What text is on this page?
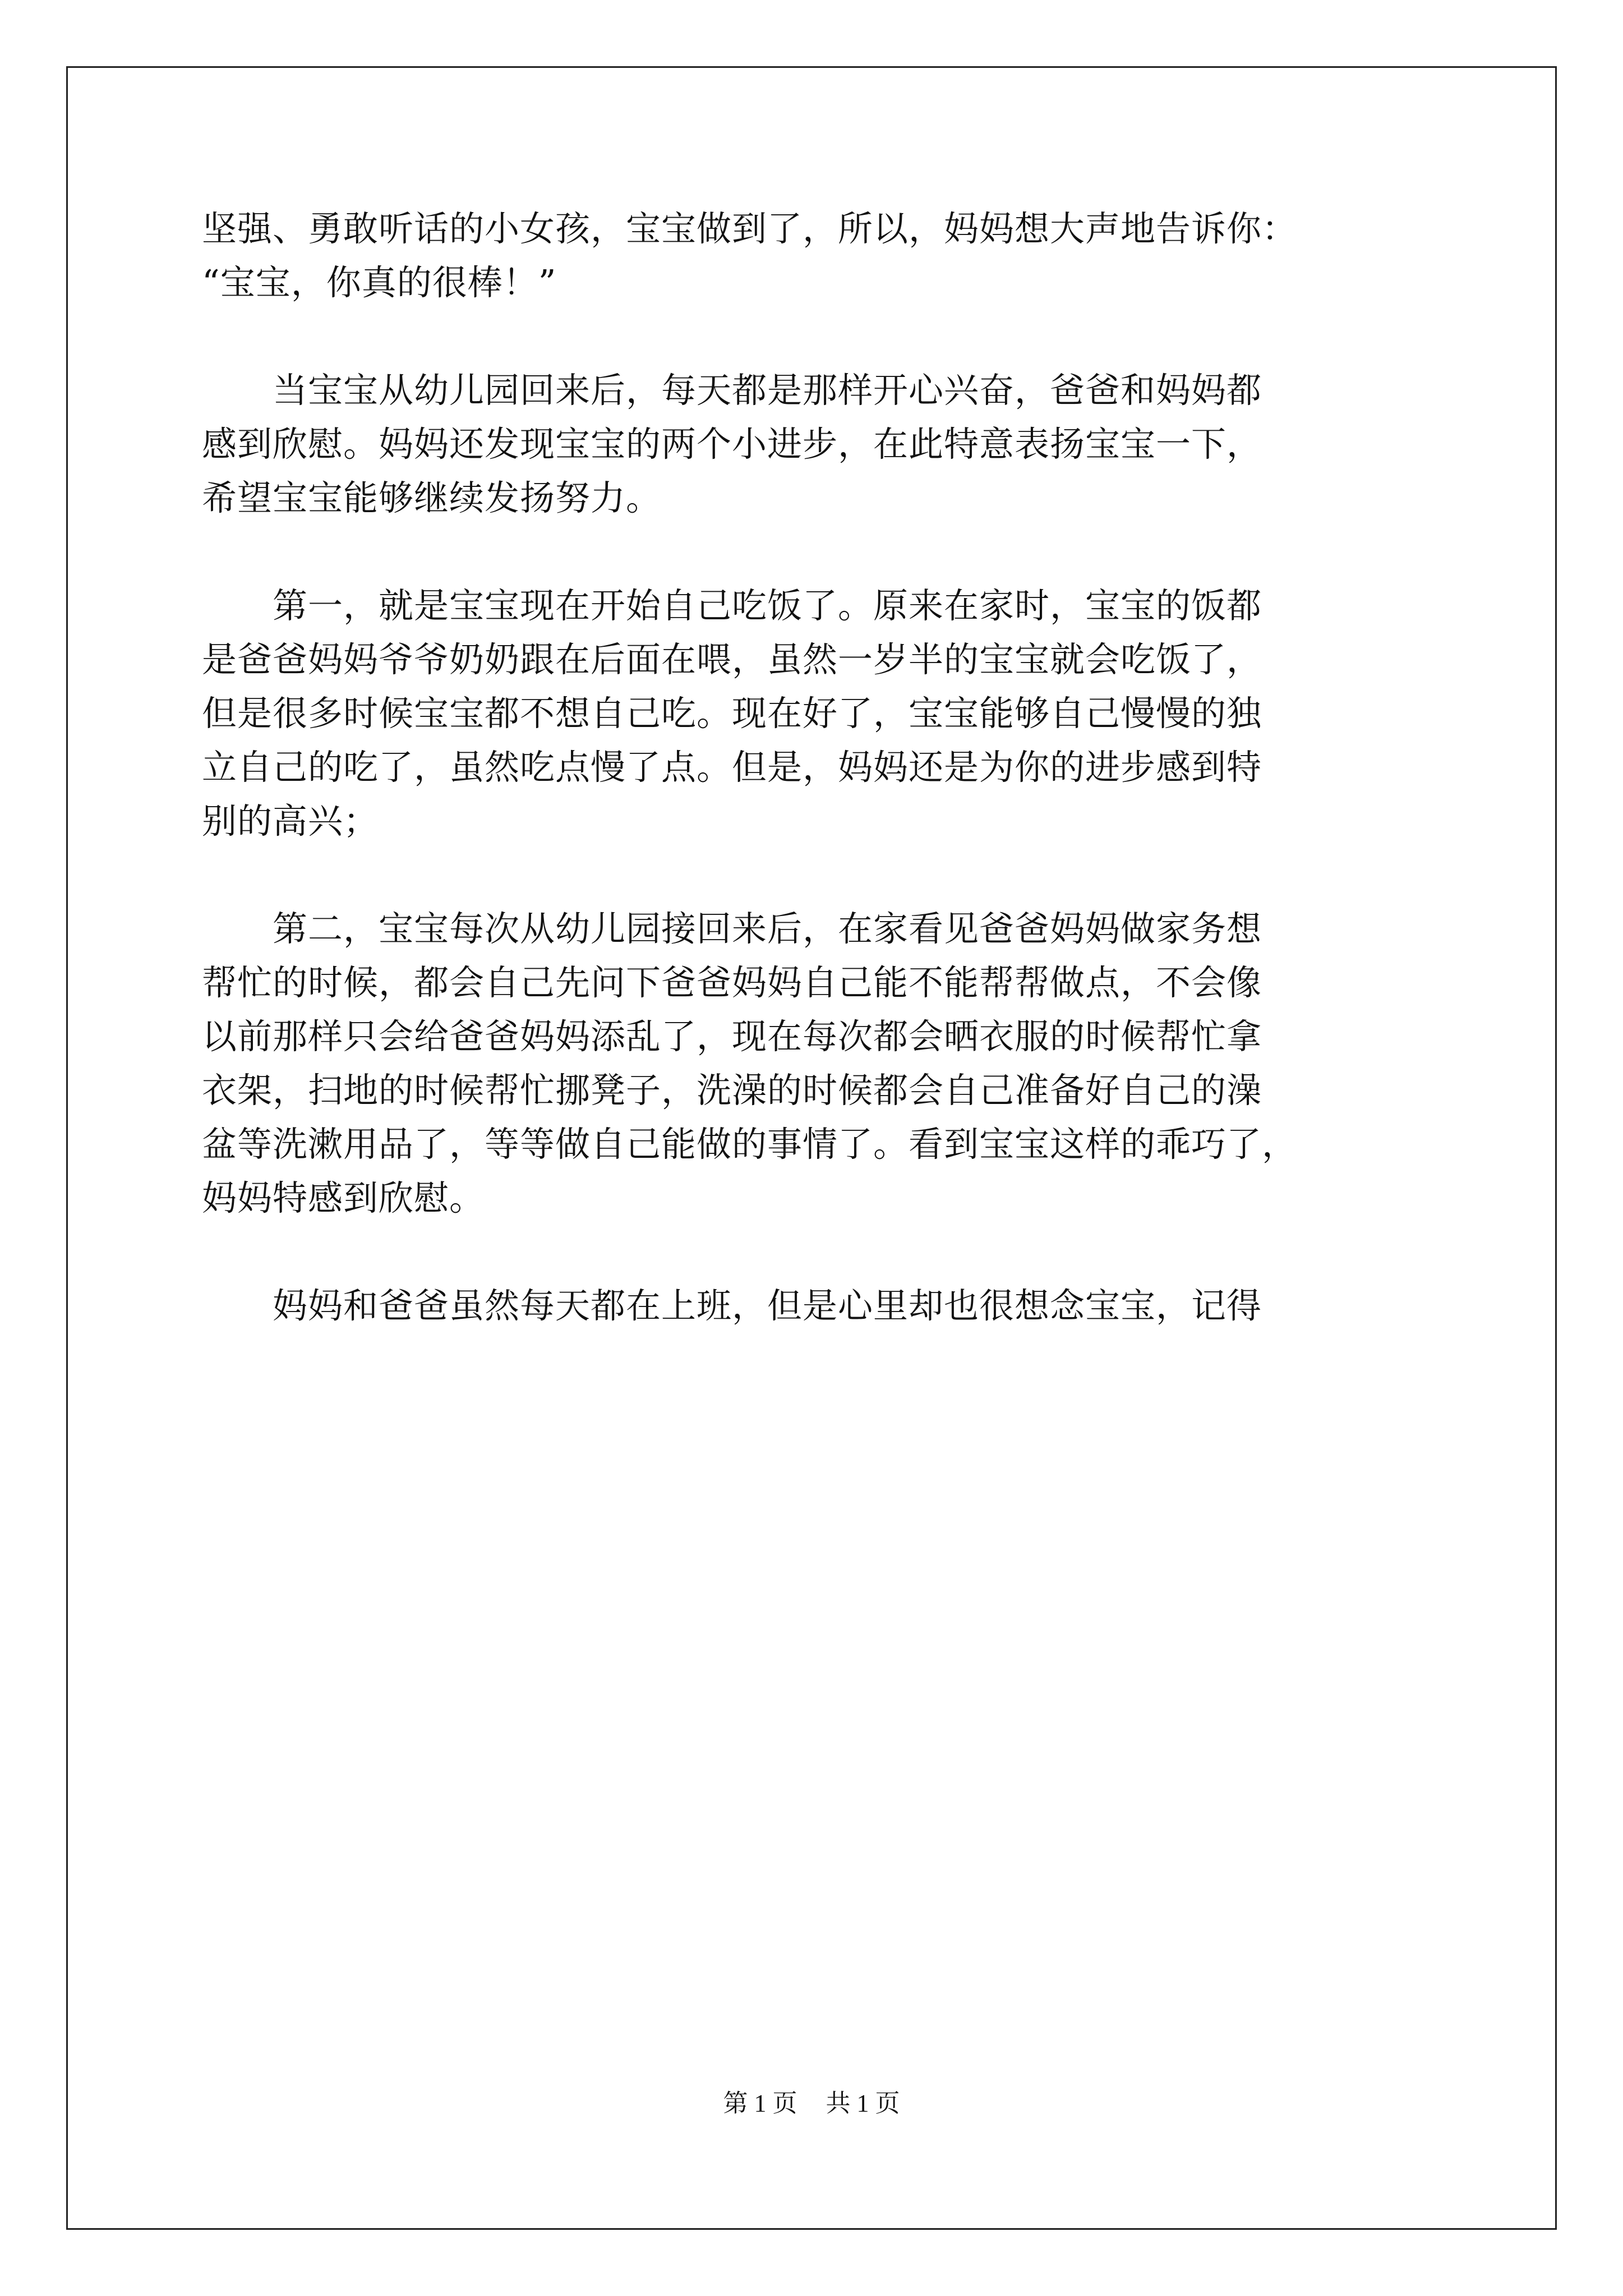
坚强、勇敢听话的小女孩，宝宝做到了，所以，妈妈想大声地告诉你：
“宝宝，你真的很棒！”
　　当宝宝从幼儿园回来后，每天都是那样开心兴奋，爸爸和妈妈都
感到欣慰。妈妈还发现宝宝的两个小进步，在此特意表扬宝宝一下，
希望宝宝能够继续发扬努力。
　　第一，就是宝宝现在开始自己吃饭了。原来在家时，宝宝的饭都
是爸爸妈妈爷爷奶奶跟在后面在喂，虽然一岁半的宝宝就会吃饭了，
但是很多时候宝宝都不想自己吃。现在好了，宝宝能够自己慢慢的独
立自己的吃了，虽然吃点慢了点。但是，妈妈还是为你的进步感到特
别的高兴；
　　第二，宝宝每次从幼儿园接回来后，在家看见爸爸妈妈做家务想
帮忙的时候，都会自己先问下爸爸妈妈自己能不能帮帮做点，不会像
以前那样只会给爸爸妈妈添乱了，现在每次都会晒衣服的时候帮忙拿
衣架，扫地的时候帮忙挪凳子，洗澡的时候都会自己准备好自己的澡
盆等洗漱用品了，等等做自己能做的事情了。看到宝宝这样的乖巧了，
妈妈特感到欣慰。
　　妈妈和爸爸虽然每天都在上班，但是心里却也很想念宝宝，记得
第 1 页 共 1 页
